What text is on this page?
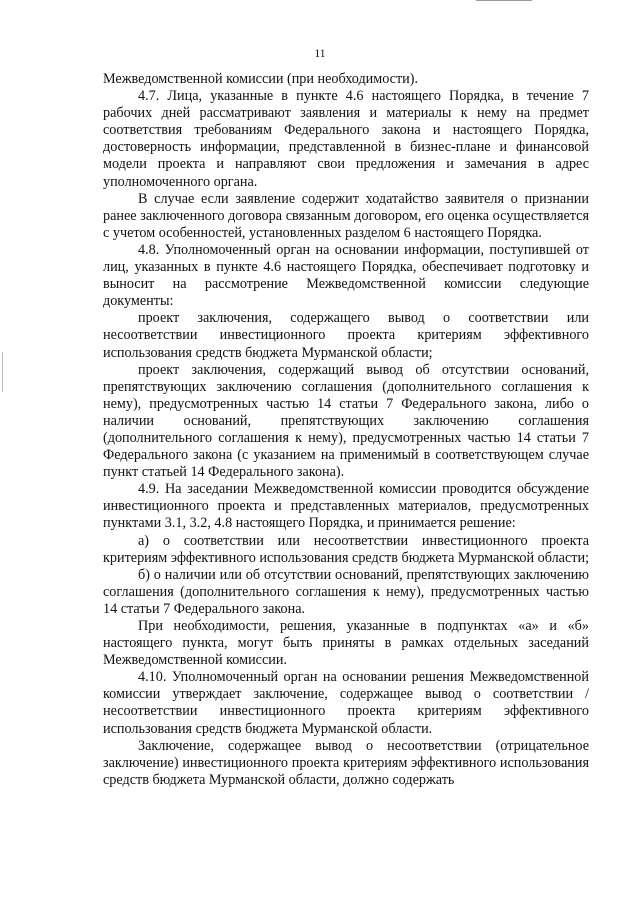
11

Межведомственной комиссии (при необходимости).

4.7. Лица, указанные в пункте 4.6 настоящего Порядка, в течение 7 рабочих дней рассматривают заявления и материалы к нему на предмет соответствия требованиям Федерального закона и настоящего Порядка, достоверность информации, представленной в бизнес-плане и финансовой модели проекта и направляют свои предложения и замечания в адрес уполномоченного органа.

В случае если заявление содержит ходатайство заявителя о признании ранее заключенного договора связанным договором, его оценка осуществляется с учетом особенностей, установленных разделом 6 настоящего Порядка.

4.8. Уполномоченный орган на основании информации, поступившей от лиц, указанных в пункте 4.6 настоящего Порядка, обеспечивает подготовку и выносит на рассмотрение Межведомственной комиссии следующие документы:

проект заключения, содержащего вывод о соответствии или несоответствии инвестиционного проекта критериям эффективного использования средств бюджета Мурманской области;

проект заключения, содержащий вывод об отсутствии оснований, препятствующих заключению соглашения (дополнительного соглашения к нему), предусмотренных частью 14 статьи 7 Федерального закона, либо о наличии оснований, препятствующих заключению соглашения (дополнительного соглашения к нему), предусмотренных частью 14 статьи 7 Федерального закона (с указанием на применимый в соответствующем случае пункт статьей 14 Федерального закона).

4.9. На заседании Межведомственной комиссии проводится обсуждение инвестиционного проекта и представленных материалов, предусмотренных пунктами 3.1, 3.2, 4.8 настоящего Порядка, и принимается решение:

а) о соответствии или несоответствии инвестиционного проекта критериям эффективного использования средств бюджета Мурманской области;

б) о наличии или об отсутствии оснований, препятствующих заключению соглашения (дополнительного соглашения к нему), предусмотренных частью 14 статьи 7 Федерального закона.

При необходимости, решения, указанные в подпунктах «а» и «б» настоящего пункта, могут быть приняты в рамках отдельных заседаний Межведомственной комиссии.

4.10. Уполномоченный орган на основании решения Межведомственной комиссии утверждает заключение, содержащее вывод о соответствии / несоответствии инвестиционного проекта критериям эффективного использования средств бюджета Мурманской области.

Заключение, содержащее вывод о несоответствии (отрицательное заключение) инвестиционного проекта критериям эффективного использования средств бюджета Мурманской области, должно содержать
